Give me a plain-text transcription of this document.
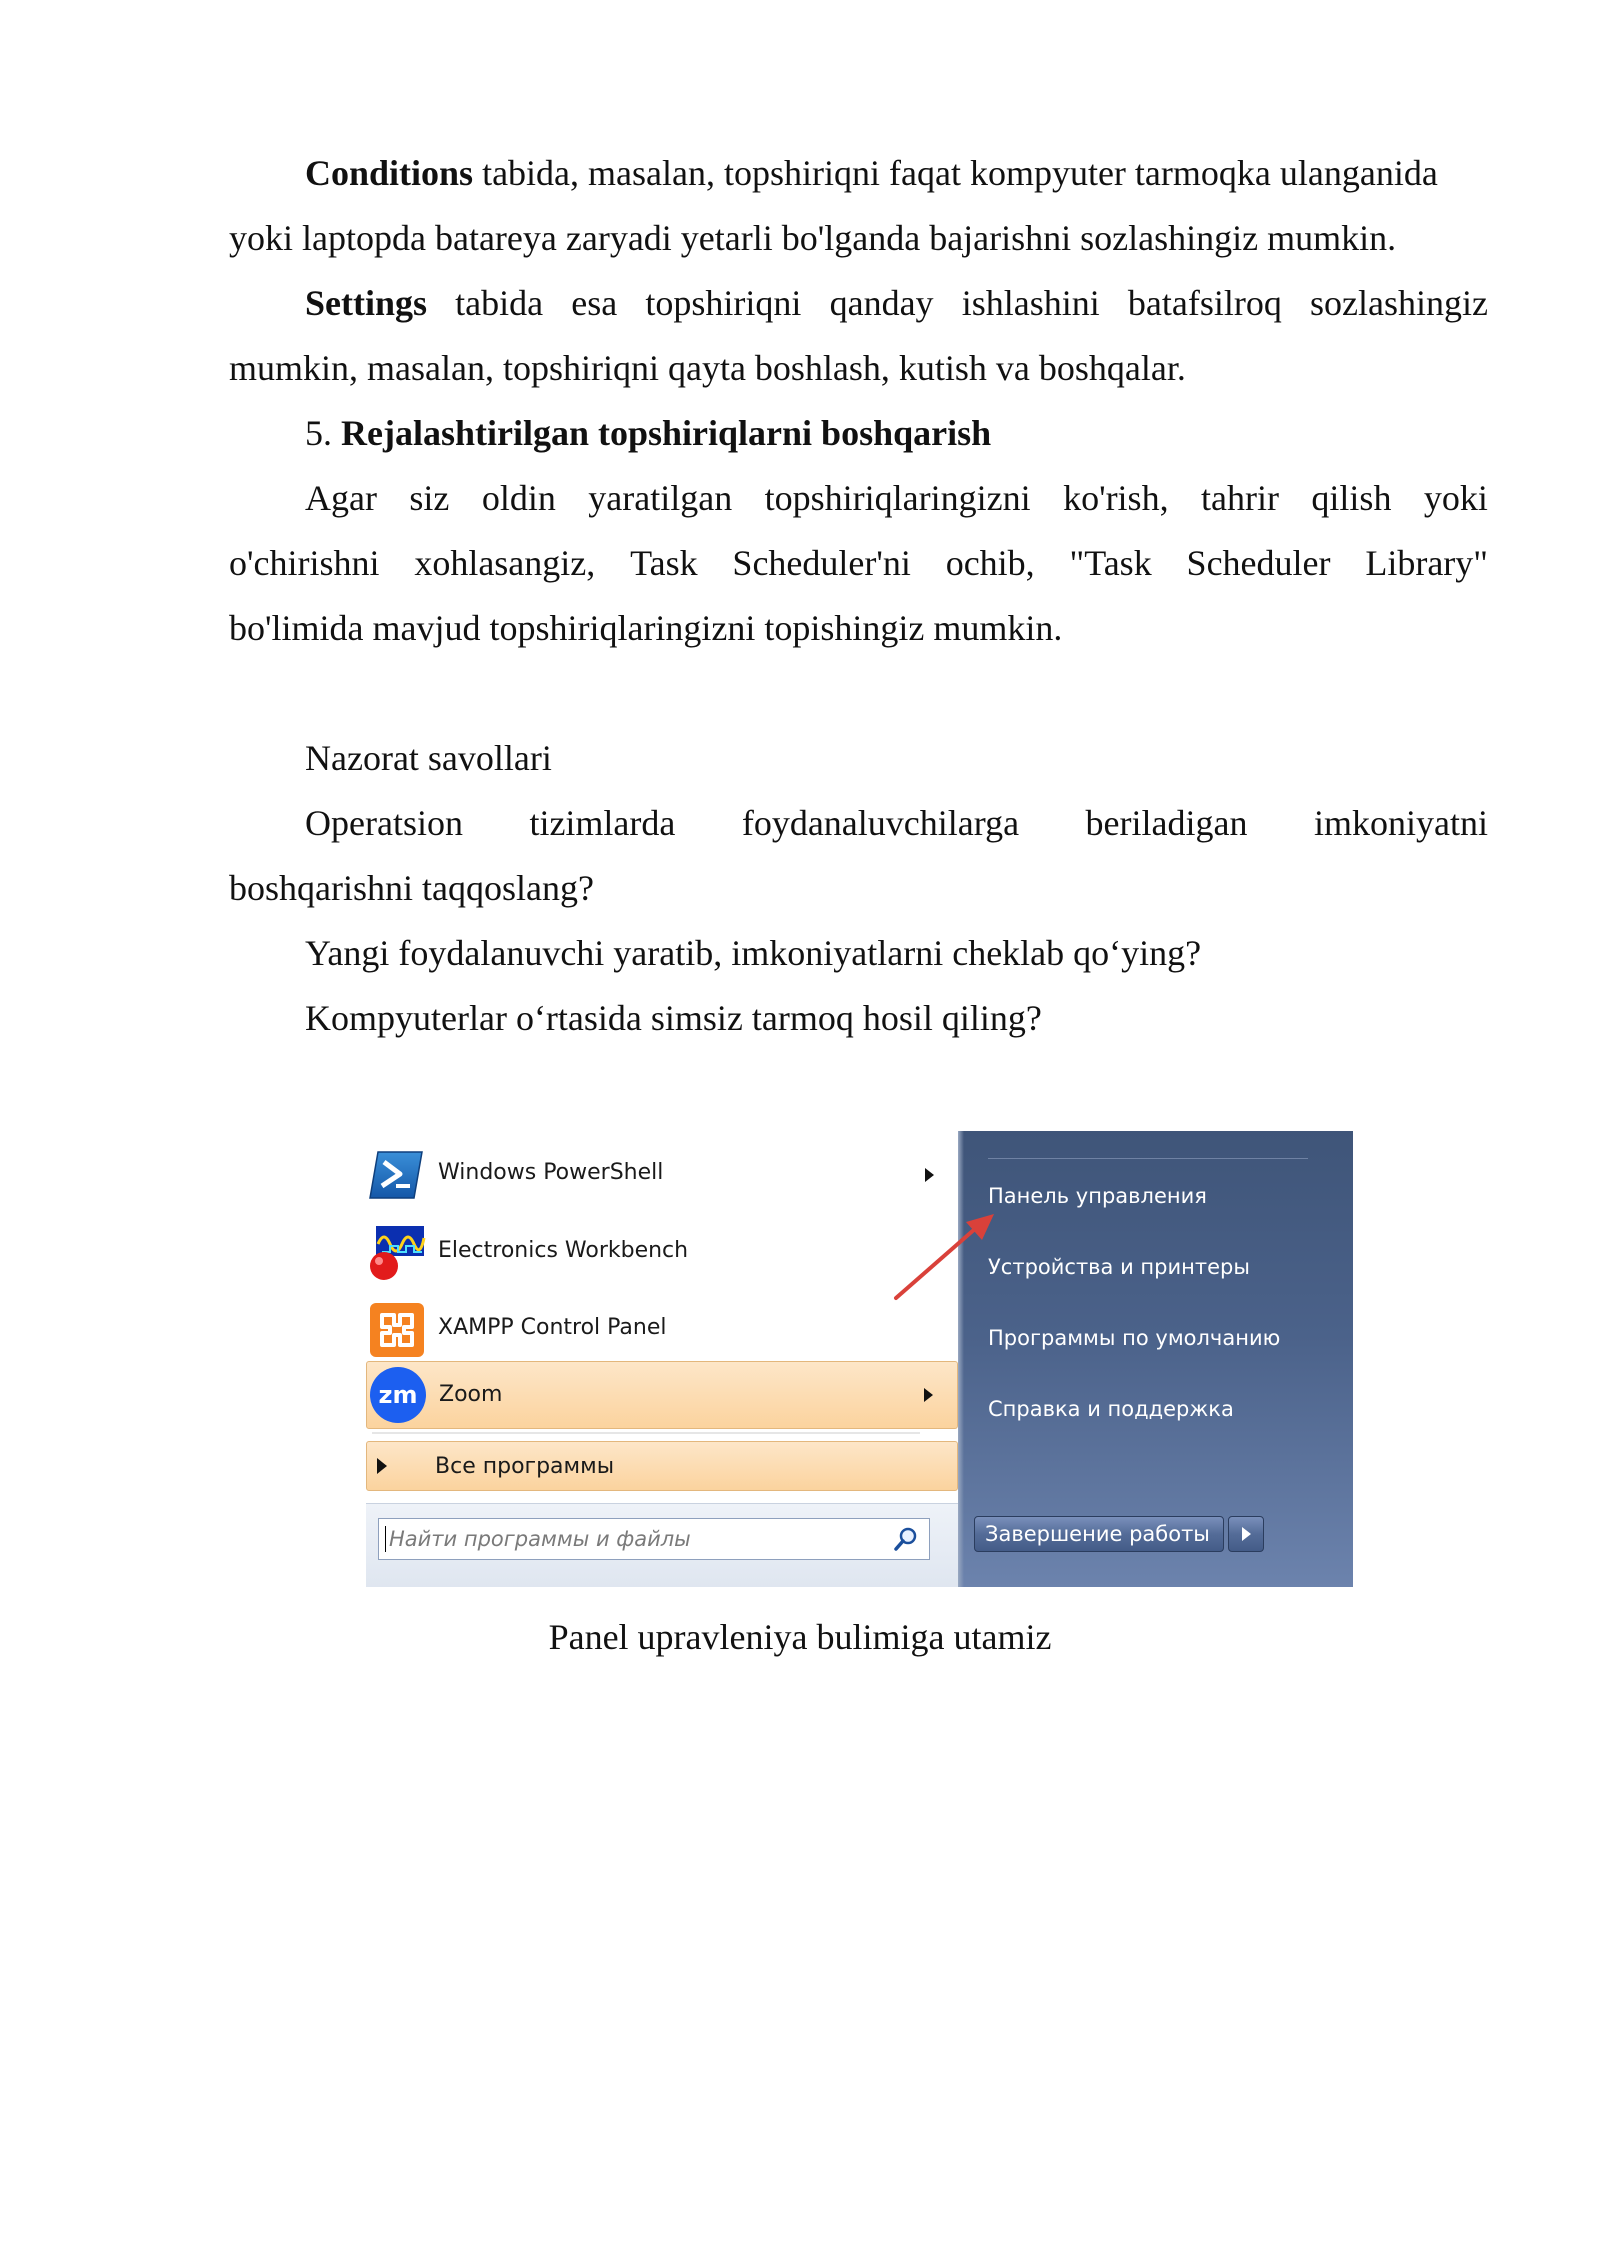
Conditions tabida, masalan, topshiriqni faqat kompyuter tarmoqka ulanganida
yoki laptopda batareya zaryadi yetarli bo'lganda bajarishni sozlashingiz mumkin.
Settings tabida esa topshiriqni qanday ishlashini batafsilroq sozlashingiz
mumkin, masalan, topshiriqni qayta boshlash, kutish va boshqalar.
5. Rejalashtirilgan topshiriqlarni boshqarish
Agar siz oldin yaratilgan topshiriqlaringizni ko'rish, tahrir qilish yoki
o'chirishni xohlasangiz, Task Scheduler'ni ochib, "Task Scheduler Library"
bo'limida mavjud topshiriqlaringizni topishingiz mumkin.
Nazorat savollari
Operatsion tizimlarda foydanaluvchilarga beriladigan imkoniyatni
boshqarishni taqqoslang?
Yangi foydalanuvchi yaratib, imkoniyatlarni cheklab qo‘ying?
Kompyuterlar o‘rtasida simsiz tarmoq hosil qiling?
Windows PowerShell
Electronics Workbench
XAMPP Control Panel
zm Zoom
Все программы
Найти программы и файлы
Панель управления
Устройства и принтеры
Программы по умолчанию
Справка и поддержка
Завершение работы
Panel upravleniya bulimiga utamiz
